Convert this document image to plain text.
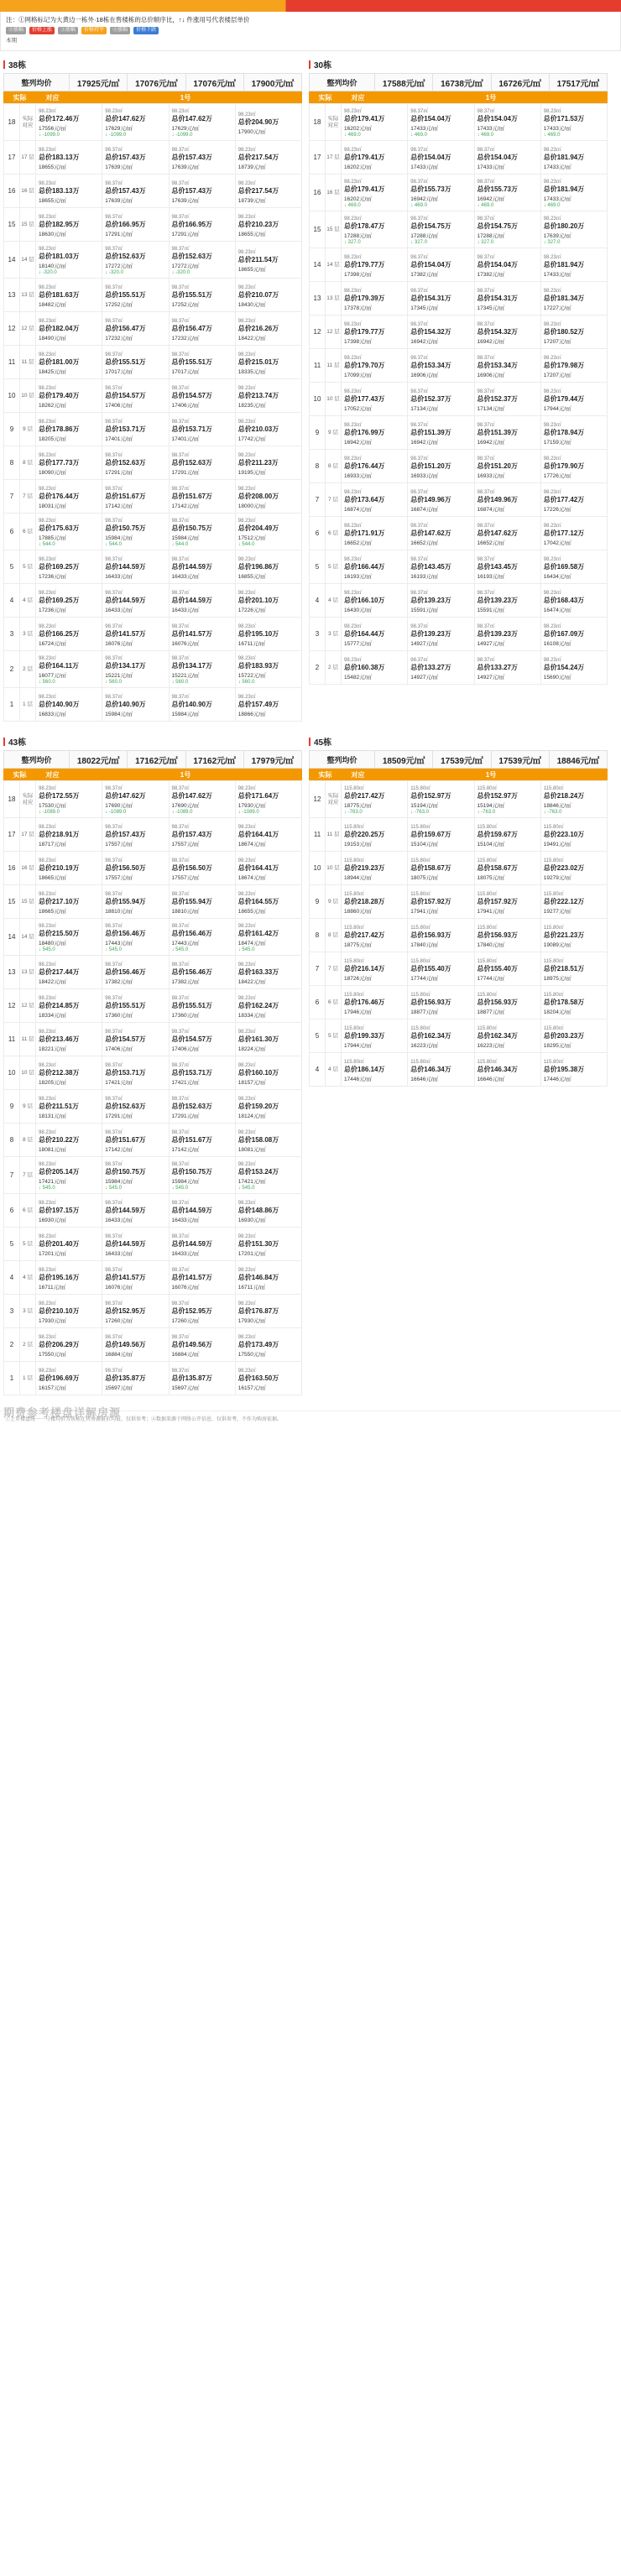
注：①网格标记为大黄边一栋外·18栋在售楼栋的总价顺序比，↑↓ 件涨用号代表楼层单价
②涨幅	价格上涨	③涨幅	价格持平	④涨幅	价格下跌
本期
38栋
整列均价	17925元/㎡	17076元/㎡	17076元/㎡	17900元/㎡
实际	对应	1号
18	实际 对应	
98.23㎡
总价172.46万
17556元/㎡
↓ -1099.0

98.23㎡
总价147.62万
17629元/㎡
↓ -1099.0

98.23㎡
总价147.62万
17629元/㎡
↓ -1099.0

98.23㎡
总价204.90万
17900元/㎡

17	17 层	
98.23㎡
总价183.13万
18655元/㎡

98.37㎡
总价157.43万
17639元/㎡

98.37㎡
总价157.43万
17639元/㎡

98.23㎡
总价217.54万
18739元/㎡

16	16 层	
98.23㎡
总价183.13万
18655元/㎡

98.37㎡
总价157.43万
17639元/㎡

98.37㎡
总价157.43万
17639元/㎡

98.23㎡
总价217.54万
18739元/㎡

15	15 层	
98.23㎡
总价182.95万
18630元/㎡

98.37㎡
总价166.95万
17291元/㎡

98.37㎡
总价166.95万
17291元/㎡

98.23㎡
总价210.23万
18655元/㎡

14	14 层	
98.23㎡
总价181.03万
18140元/㎡
↓ -320.0

98.37㎡
总价152.63万
17272元/㎡
↓ -320.0

98.37㎡
总价152.63万
17272元/㎡
↓ -320.0

98.23㎡
总价211.54万
18655元/㎡

13	13 层	
98.23㎡
总价181.63万
18482元/㎡

98.37㎡
总价155.51万
17252元/㎡

98.37㎡
总价155.51万
17252元/㎡

98.23㎡
总价210.07万
18430元/㎡

12	12 层	
98.23㎡
总价182.04万
18490元/㎡

98.37㎡
总价156.47万
17232元/㎡

98.37㎡
总价156.47万
17232元/㎡

98.23㎡
总价216.26万
18422元/㎡

11	11 层	
98.23㎡
总价181.00万
18425元/㎡

98.37㎡
总价155.51万
17017元/㎡

98.37㎡
总价155.51万
17017元/㎡

98.23㎡
总价215.01万
18335元/㎡

10	10 层	
98.23㎡
总价179.40万
18262元/㎡

98.37㎡
总价154.57万
17406元/㎡

98.37㎡
总价154.57万
17406元/㎡

98.23㎡
总价213.74万
18235元/㎡

9	9 层	
98.23㎡
总价178.86万
18205元/㎡

98.37㎡
总价153.71万
17401元/㎡

98.37㎡
总价153.71万
17401元/㎡

98.23㎡
总价210.03万
17742元/㎡

8	8 层	
98.23㎡
总价177.73万
18090元/㎡

98.37㎡
总价152.63万
17291元/㎡

98.37㎡
总价152.63万
17291元/㎡

98.23㎡
总价211.23万
19195元/㎡

7	7 层	
98.23㎡
总价176.44万
18031元/㎡

98.37㎡
总价151.67万
17142元/㎡

98.37㎡
总价151.67万
17142元/㎡

98.23㎡
总价208.00万
18000元/㎡

6	6 层	
98.23㎡
总价175.63万
17885元/㎡
↓ 544.0

98.37㎡
总价150.75万
15984元/㎡
↓ 544.0

98.37㎡
总价150.75万
15984元/㎡
↓ 544.0

98.23㎡
总价204.49万
17512元/㎡
↓ 544.0

5	5 层	
98.23㎡
总价169.25万
17236元/㎡

98.37㎡
总价144.59万
16433元/㎡

98.37㎡
总价144.59万
16433元/㎡

98.23㎡
总价196.86万
16855元/㎡

4	4 层	
98.23㎡
总价169.25万
17236元/㎡

98.37㎡
总价144.59万
16433元/㎡

98.37㎡
总价144.59万
16433元/㎡

98.23㎡
总价201.10万
17226元/㎡

3	3 层	
98.23㎡
总价166.25万
16724元/㎡

98.37㎡
总价141.57万
16076元/㎡

98.37㎡
总价141.57万
16076元/㎡

98.23㎡
总价195.10万
16711元/㎡

2	2 层	
98.23㎡
总价164.11万
16077元/㎡
↓ 560.0

98.37㎡
总价134.17万
15221元/㎡
↓ 560.0

98.37㎡
总价134.17万
15221元/㎡
↓ 560.0

98.23㎡
总价183.93万
15722元/㎡
↓ 560.0

1	1 层	
98.23㎡
总价140.90万
16833元/㎡

98.37㎡
总价140.90万
15984元/㎡

98.37㎡
总价140.90万
15984元/㎡

98.23㎡
总价157.49万
18866元/㎡
30栋
整列均价	17588元/㎡	16738元/㎡	16726元/㎡	17517元/㎡
实际	对应	1号
18	实际 对应	
98.23㎡
总价179.41万
16202元/㎡
↓ 469.0

98.37㎡
总价154.04万
17433元/㎡
↓ 469.0

98.37㎡
总价154.04万
17433元/㎡
↓ 469.0

98.23㎡
总价171.53万
17433元/㎡
↓ 469.0

17	17 层	
98.23㎡
总价179.41万
16202元/㎡

98.37㎡
总价154.04万
17433元/㎡

98.37㎡
总价154.04万
17433元/㎡

98.23㎡
总价181.94万
17433元/㎡

16	16 层	
98.23㎡
总价179.41万
16202元/㎡
↓ 469.0

98.37㎡
总价155.73万
16942元/㎡
↓ 469.0

98.37㎡
总价155.73万
16942元/㎡
↓ 469.0

98.23㎡
总价181.94万
17433元/㎡
↓ 469.0

15	15 层	
98.23㎡
总价178.47万
17288元/㎡
↓ 327.0

98.37㎡
总价154.75万
17288元/㎡
↓ 327.0

98.37㎡
总价154.75万
17288元/㎡
↓ 327.0

98.23㎡
总价180.20万
17639元/㎡
↓ 327.0

14	14 层	
98.23㎡
总价179.77万
17398元/㎡

98.37㎡
总价154.04万
17382元/㎡

98.37㎡
总价154.04万
17382元/㎡

98.23㎡
总价181.94万
17433元/㎡

13	13 层	
98.23㎡
总价179.39万
17378元/㎡

98.37㎡
总价154.31万
17345元/㎡

98.37㎡
总价154.31万
17345元/㎡

98.23㎡
总价181.34万
17227元/㎡

12	12 层	
98.23㎡
总价179.77万
17398元/㎡

98.37㎡
总价154.32万
16942元/㎡

98.37㎡
总价154.32万
16942元/㎡

98.23㎡
总价180.52万
17207元/㎡

11	11 层	
98.23㎡
总价179.70万
17099元/㎡

98.37㎡
总价153.34万
16906元/㎡

98.37㎡
总价153.34万
16906元/㎡

98.23㎡
总价179.98万
17207元/㎡

10	10 层	
98.23㎡
总价177.43万
17052元/㎡

98.37㎡
总价152.37万
17134元/㎡

98.37㎡
总价152.37万
17134元/㎡

98.23㎡
总价179.44万
17944元/㎡

9	9 层	
98.23㎡
总价176.99万
16942元/㎡

98.37㎡
总价151.39万
16942元/㎡

98.37㎡
总价151.39万
16942元/㎡

98.23㎡
总价178.94万
17159元/㎡

8	8 层	
98.23㎡
总价176.44万
16933元/㎡

98.37㎡
总价151.20万
16933元/㎡

98.37㎡
总价151.20万
16933元/㎡

98.23㎡
总价179.90万
17726元/㎡

7	7 层	
98.23㎡
总价173.64万
16874元/㎡

98.37㎡
总价149.96万
16874元/㎡

98.37㎡
总价149.96万
16874元/㎡

98.23㎡
总价177.42万
17226元/㎡

6	6 层	
98.23㎡
总价171.91万
16652元/㎡

98.37㎡
总价147.62万
16652元/㎡

98.37㎡
总价147.62万
16652元/㎡

98.23㎡
总价177.12万
17042元/㎡

5	5 层	
98.23㎡
总价166.44万
16193元/㎡

98.37㎡
总价143.45万
16193元/㎡

98.37㎡
总价143.45万
16193元/㎡

98.23㎡
总价169.58万
16434元/㎡

4	4 层	
98.23㎡
总价166.10万
16430元/㎡

98.37㎡
总价139.23万
15591元/㎡

98.37㎡
总价139.23万
15591元/㎡

98.23㎡
总价168.43万
16474元/㎡

3	3 层	
98.23㎡
总价164.44万
15777元/㎡

98.37㎡
总价139.23万
14927元/㎡

98.37㎡
总价139.23万
14927元/㎡

98.23㎡
总价167.09万
16108元/㎡

2	2 层	
98.23㎡
总价160.38万
15482元/㎡

98.37㎡
总价133.27万
14927元/㎡

98.37㎡
总价133.27万
14927元/㎡

98.23㎡
总价154.24万
15690元/㎡
43栋
整列均价	18022元/㎡	17162元/㎡	17162元/㎡	17979元/㎡
实际	对应	1号
18	实际 对应	
98.23㎡
总价172.55万
17530元/㎡
↓ -1089.0

98.37㎡
总价147.62万
17690元/㎡
↓ -1089.0

98.37㎡
总价147.62万
17690元/㎡
↓ -1089.0

98.23㎡
总价171.64万
17930元/㎡
↓ -1089.0

17	17 层	
98.23㎡
总价218.91万
18717元/㎡

98.37㎡
总价157.43万
17557元/㎡

98.37㎡
总价157.43万
17557元/㎡

98.23㎡
总价164.41万
18674元/㎡

16	16 层	
98.23㎡
总价210.19万
18665元/㎡

98.37㎡
总价156.50万
17557元/㎡

98.37㎡
总价156.50万
17557元/㎡

98.23㎡
总价164.41万
18674元/㎡

15	15 层	
98.23㎡
总价217.10万
18665元/㎡

98.37㎡
总价155.94万
18810元/㎡

98.37㎡
总价155.94万
18810元/㎡

98.23㎡
总价164.55万
18655元/㎡

14	14 层	
98.23㎡
总价215.50万
18480元/㎡
↓ 545.0

98.37㎡
总价156.46万
17443元/㎡
↓ 545.0

98.37㎡
总价156.46万
17443元/㎡
↓ 545.0

98.23㎡
总价161.42万
18474元/㎡
↓ 545.0

13	13 层	
98.23㎡
总价217.44万
18422元/㎡

98.37㎡
总价156.46万
17382元/㎡

98.37㎡
总价156.46万
17382元/㎡

98.23㎡
总价163.33万
18422元/㎡

12	12 层	
98.23㎡
总价214.85万
18334元/㎡

98.37㎡
总价155.51万
17360元/㎡

98.37㎡
总价155.51万
17360元/㎡

98.23㎡
总价162.24万
18334元/㎡

11	11 层	
98.23㎡
总价213.46万
18221元/㎡

98.37㎡
总价154.57万
17406元/㎡

98.37㎡
总价154.57万
17406元/㎡

98.23㎡
总价161.30万
18224元/㎡

10	10 层	
98.23㎡
总价212.38万
18205元/㎡

98.37㎡
总价153.71万
17421元/㎡

98.37㎡
总价153.71万
17421元/㎡

98.23㎡
总价160.10万
18157元/㎡

9	9 层	
98.23㎡
总价211.51万
18131元/㎡

98.37㎡
总价152.63万
17291元/㎡

98.37㎡
总价152.63万
17291元/㎡

98.23㎡
总价159.20万
18124元/㎡

8	8 层	
98.23㎡
总价210.22万
18081元/㎡

98.37㎡
总价151.67万
17142元/㎡

98.37㎡
总价151.67万
17142元/㎡

98.23㎡
总价158.08万
18081元/㎡

7	7 层	
98.23㎡
总价205.14万
17421元/㎡
↓ 545.0

98.37㎡
总价150.75万
15984元/㎡
↓ 545.0

98.37㎡
总价150.75万
15984元/㎡
↓ 545.0

98.23㎡
总价153.24万
17421元/㎡
↓ 545.0

6	6 层	
98.23㎡
总价197.15万
16930元/㎡

98.37㎡
总价144.59万
16433元/㎡

98.37㎡
总价144.59万
16433元/㎡

98.23㎡
总价148.86万
16930元/㎡

5	5 层	
98.23㎡
总价201.40万
17201元/㎡

98.37㎡
总价144.59万
16433元/㎡

98.37㎡
总价144.59万
16433元/㎡

98.23㎡
总价151.30万
17201元/㎡

4	4 层	
98.23㎡
总价195.16万
16711元/㎡

98.37㎡
总价141.57万
16076元/㎡

98.37㎡
总价141.57万
16076元/㎡

98.23㎡
总价146.84万
16711元/㎡

3	3 层	
98.23㎡
总价210.10万
17930元/㎡

98.37㎡
总价152.95万
17260元/㎡

98.37㎡
总价152.95万
17260元/㎡

98.23㎡
总价176.87万
17930元/㎡

2	2 层	
98.23㎡
总价206.29万
17550元/㎡

98.37㎡
总价149.56万
16884元/㎡

98.37㎡
总价149.56万
16884元/㎡

98.23㎡
总价173.49万
17550元/㎡

1	1 层	
98.23㎡
总价196.69万
16157元/㎡

98.37㎡
总价135.87万
15697元/㎡

98.37㎡
总价135.87万
15697元/㎡

98.23㎡
总价163.50万
16157元/㎡
45栋
整列均价	18509元/㎡	17539元/㎡	17539元/㎡	18846元/㎡
实际	对应	1号
12	实际 对应	
115.80㎡
总价217.42万
18775元/㎡
↓ -763.0

115.80㎡
总价152.97万
15194元/㎡
↓ -763.0

115.80㎡
总价152.97万
15194元/㎡
↓ -763.0

115.80㎡
总价218.24万
18846元/㎡
↓ -763.0

11	11 层	
115.80㎡
总价220.25万
19153元/㎡

115.80㎡
总价159.67万
15104元/㎡

115.80㎡
总价159.67万
15104元/㎡

115.80㎡
总价223.10万
19491元/㎡

10	10 层	
115.80㎡
总价219.23万
18944元/㎡

115.80㎡
总价158.67万
18075元/㎡

115.80㎡
总价158.67万
18075元/㎡

115.80㎡
总价223.02万
19279元/㎡

9	9 层	
115.80㎡
总价218.28万
18860元/㎡

115.80㎡
总价157.92万
17941元/㎡

115.80㎡
总价157.92万
17941元/㎡

115.80㎡
总价222.12万
19277元/㎡

8	8 层	
115.80㎡
总价217.42万
18775元/㎡

115.80㎡
总价156.93万
17840元/㎡

115.80㎡
总价156.93万
17840元/㎡

115.80㎡
总价221.23万
19089元/㎡

7	7 层	
115.80㎡
总价216.14万
18726元/㎡

115.80㎡
总价155.40万
17744元/㎡

115.80㎡
总价155.40万
17744元/㎡

115.80㎡
总价218.51万
18975元/㎡

6	6 层	
115.80㎡
总价176.46万
17946元/㎡

115.80㎡
总价156.93万
18877元/㎡

115.80㎡
总价156.93万
18877元/㎡

115.80㎡
总价178.58万
18204元/㎡

5	5 层	
115.80㎡
总价199.33万
17944元/㎡

115.80㎡
总价162.34万
16223元/㎡

115.80㎡
总价162.34万
16223元/㎡

115.80㎡
总价203.23万
18295元/㎡

4	4 层	
115.80㎡
总价186.14万
17446元/㎡

115.80㎡
总价146.34万
16646元/㎡

115.80㎡
总价146.34万
16646元/㎡

115.80㎡
总价195.38万
17446元/㎡
①上市楼盘统一一号楼均价为该栋在售房源报价均值，仅供参考；②数据来源于网络公开信息，仅供参考，不作为购房依据。
期费参考楼盘详解房源
